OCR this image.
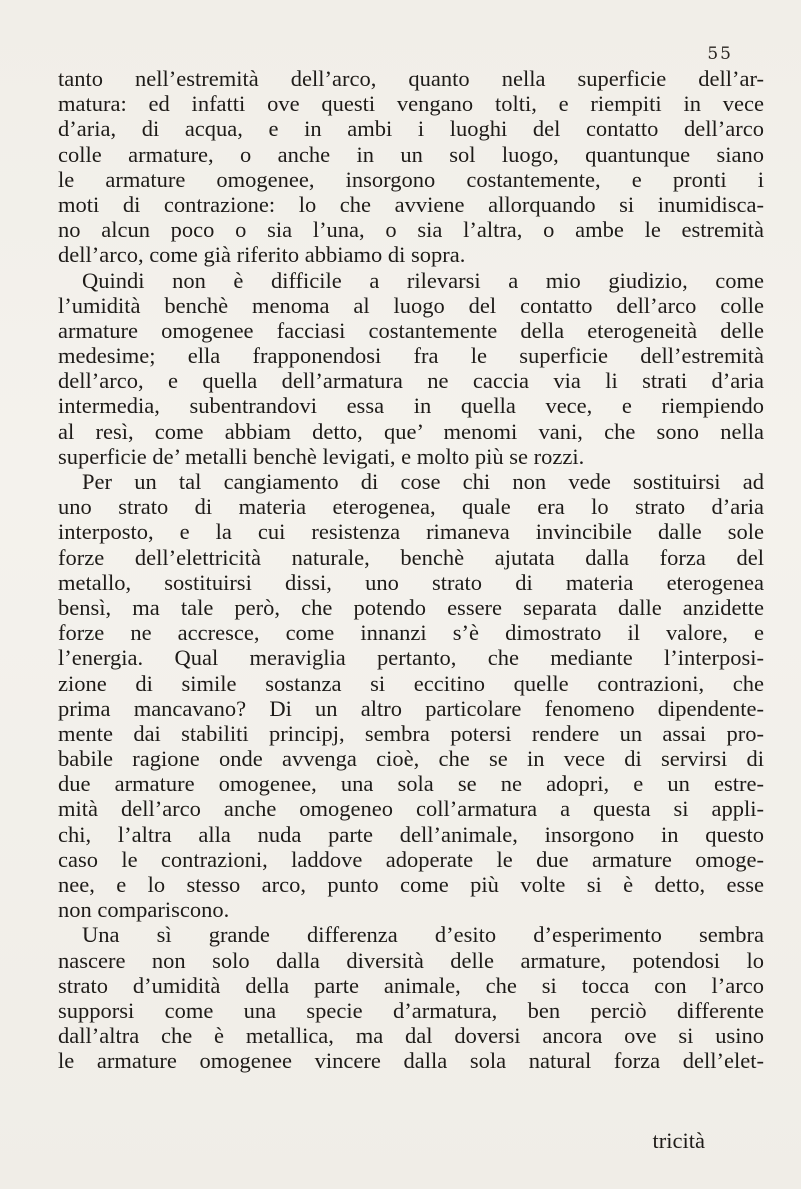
55
tanto nell’estremità dell’arco, quanto nella superficie dell’ar-
matura: ed infatti ove questi vengano tolti, e riempiti in vece
d’aria, di acqua, e in ambi i luoghi del contatto dell’arco
colle armature, o anche in un sol luogo, quantunque siano
le armature omogenee, insorgono costantemente, e pronti i
moti di contrazione: lo che avviene allorquando si inumidisca-
no alcun poco o sia l’una, o sia l’altra, o ambe le estremità
dell’arco, come già riferito abbiamo di sopra.
Quindi non è difficile a rilevarsi a mio giudizio, come
l’umidità benchè menoma al luogo del contatto dell’arco colle
armature omogenee facciasi costantemente della eterogeneità delle
medesime; ella frapponendosi fra le superficie dell’estremità
dell’arco, e quella dell’armatura ne caccia via li strati d’aria
intermedia, subentrandovi essa in quella vece, e riempiendo
al resì, come abbiam detto, que’ menomi vani, che sono nella
superficie de’ metalli benchè levigati, e molto più se rozzi.
Per un tal cangiamento di cose chi non vede sostituirsi ad
uno strato di materia eterogenea, quale era lo strato d’aria
interposto, e la cui resistenza rimaneva invincibile dalle sole
forze dell’elettricità naturale, benchè ajutata dalla forza del
metallo, sostituirsi dissi, uno strato di materia eterogenea
bensì, ma tale però, che potendo essere separata dalle anzidette
forze ne accresce, come innanzi s’è dimostrato il valore, e
l’energia. Qual meraviglia pertanto, che mediante l’interposi-
zione di simile sostanza si eccitino quelle contrazioni, che
prima mancavano? Di un altro particolare fenomeno dipendente-
mente dai stabiliti principj, sembra potersi rendere un assai pro-
babile ragione onde avvenga cioè, che se in vece di servirsi di
due armature omogenee, una sola se ne adopri, e un estre-
mità dell’arco anche omogeneo coll’armatura a questa si appli-
chi, l’altra alla nuda parte dell’animale, insorgono in questo
caso le contrazioni, laddove adoperate le due armature omoge-
nee, e lo stesso arco, punto come più volte si è detto, esse
non compariscono.
Una sì grande differenza d’esito d’esperimento sembra
nascere non solo dalla diversità delle armature, potendosi lo
strato d’umidità della parte animale, che si tocca con l’arco
supporsi come una specie d’armatura, ben perciò differente
dall’altra che è metallica, ma dal doversi ancora ove si usino
le armature omogenee vincere dalla sola natural forza dell’elet-
tricità
